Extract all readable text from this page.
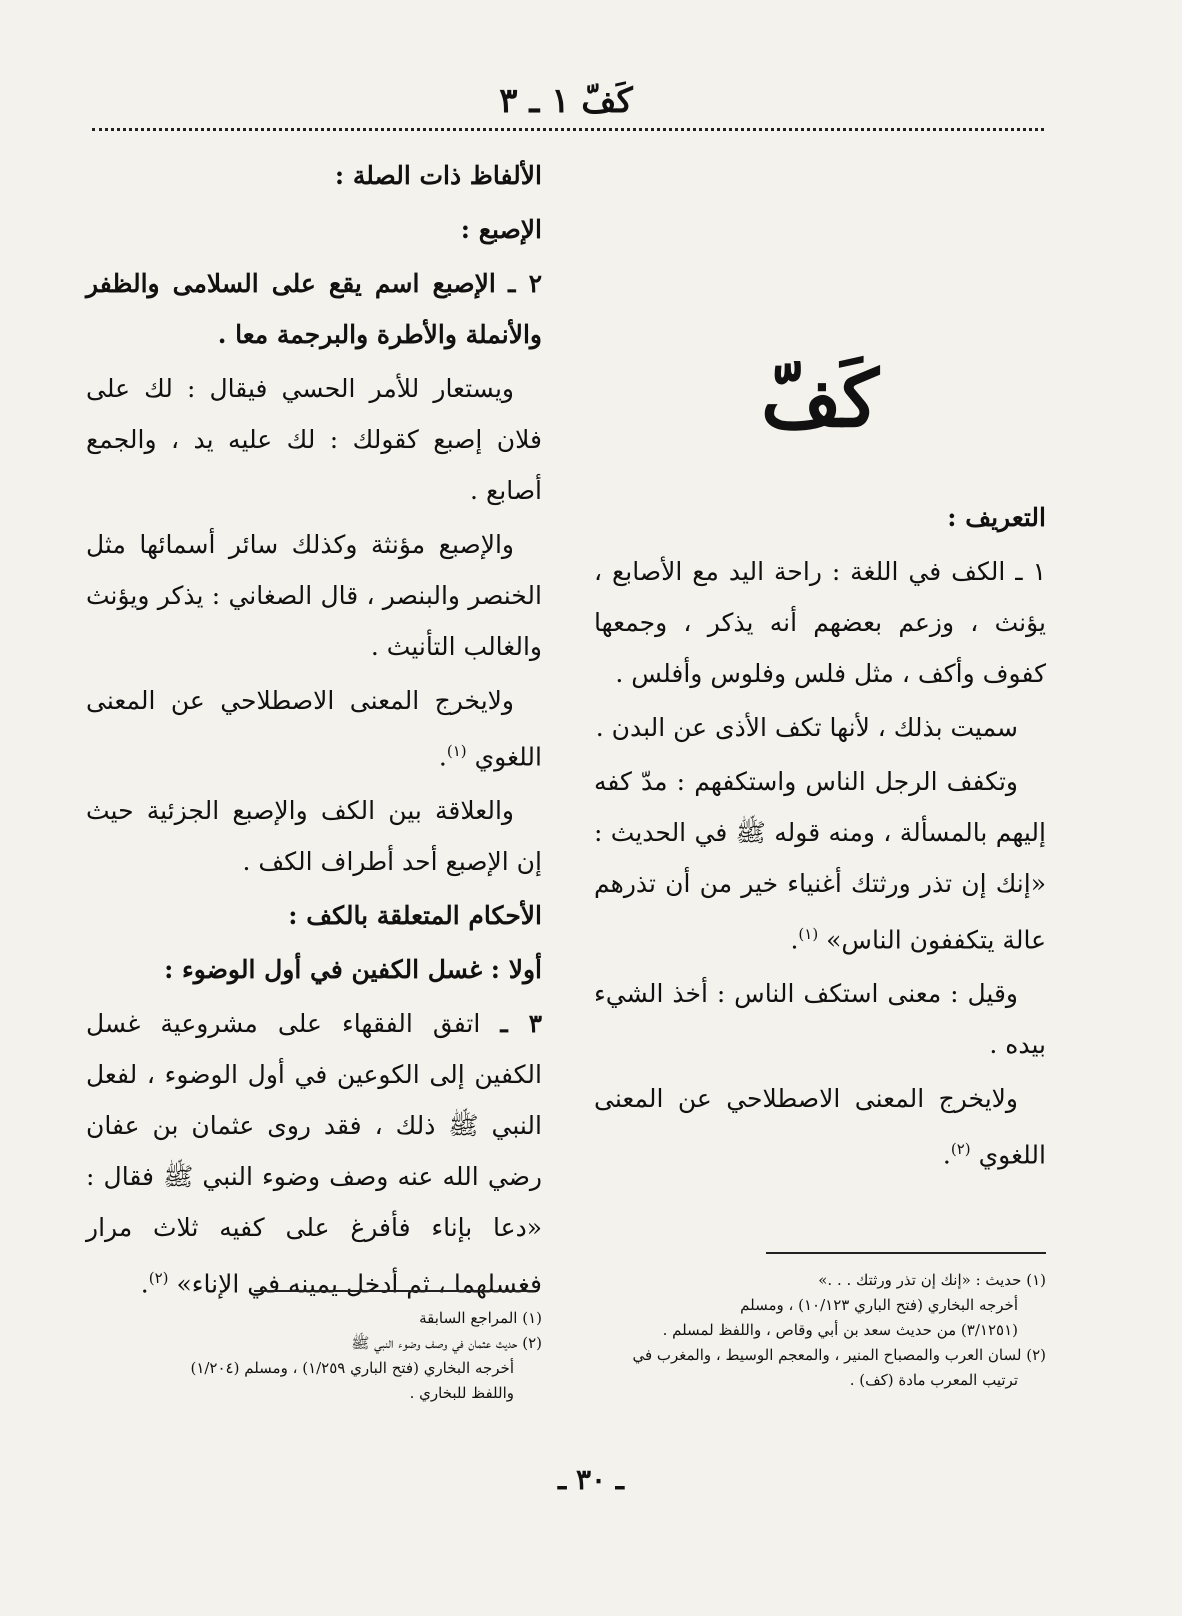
كَفّ ١ ـ ٣
كَفّ
التعريف :
١ ـ الكف في اللغة : راحة اليد مع الأصابع ، يؤنث ، وزعم بعضهم أنه يذكر ، وجمعها كفوف وأكف ، مثل فلس وفلوس وأفلس .
سميت بذلك ، لأنها تكف الأذى عن البدن .
وتكفف الرجل الناس واستكفهم : مدّ كفه إليهم بالمسألة ، ومنه قوله ﷺ في الحديث : «إنك إن تذر ورثتك أغنياء خير من أن تذرهم عالة يتكففون الناس» $^{(١)}$.
وقيل : معنى استكف الناس : أخذ الشيء بيده .
ولايخرج المعنى الاصطلاحي عن المعنى اللغوي $^{(٢)}$.
الألفاظ ذات الصلة :
الإصبع :
٢ ـ الإصبع اسم يقع على السلامى والظفر والأنملة والأطرة والبرجمة معا .
ويستعار للأمر الحسي فيقال : لك على فلان إصبع كقولك : لك عليه يد ، والجمع أصابع .
والإصبع مؤنثة وكذلك سائر أسمائها مثل الخنصر والبنصر ، قال الصغاني : يذكر ويؤنث والغالب التأنيث .
ولايخرج المعنى الاصطلاحي عن المعنى اللغوي $^{(١)}$.
والعلاقة بين الكف والإصبع الجزئية حيث إن الإصبع أحد أطراف الكف .
الأحكام المتعلقة بالكف :
أولا : غسل الكفين في أول الوضوء :
٣ ـ اتفق الفقهاء على مشروعية غسل الكفين إلى الكوعين في أول الوضوء ، لفعل النبي ﷺ ذلك ، فقد روى عثمان بن عفان رضي الله عنه وصف وضوء النبي ﷺ فقال : «دعا بإناء فأفرغ على كفيه ثلاث مرار فغسلهما ، ثم أدخل يمينه في الإناء» $^{(٢)}$.	(١) حديث : «إنك إن تذر ورثتك . . .»
أخرجه البخاري (فتح الباري ١٠/١٢٣) ، ومسلم
(٣/١٢٥١) من حديث سعد بن أبي وقاص ، واللفظ لمسلم .
(٢) لسان العرب والمصباح المنير ، والمعجم الوسيط ، والمغرب في
ترتيب المعرب مادة (كف) .
(١) المراجع السابقة
(٢) حديث عثمان في وصف وضوء النبي ﷺ
أخرجه البخاري (فتح الباري ١/٢٥٩) ، ومسلم (١/٢٠٤)
واللفظ للبخاري .
ـ ٣٠ ـ
